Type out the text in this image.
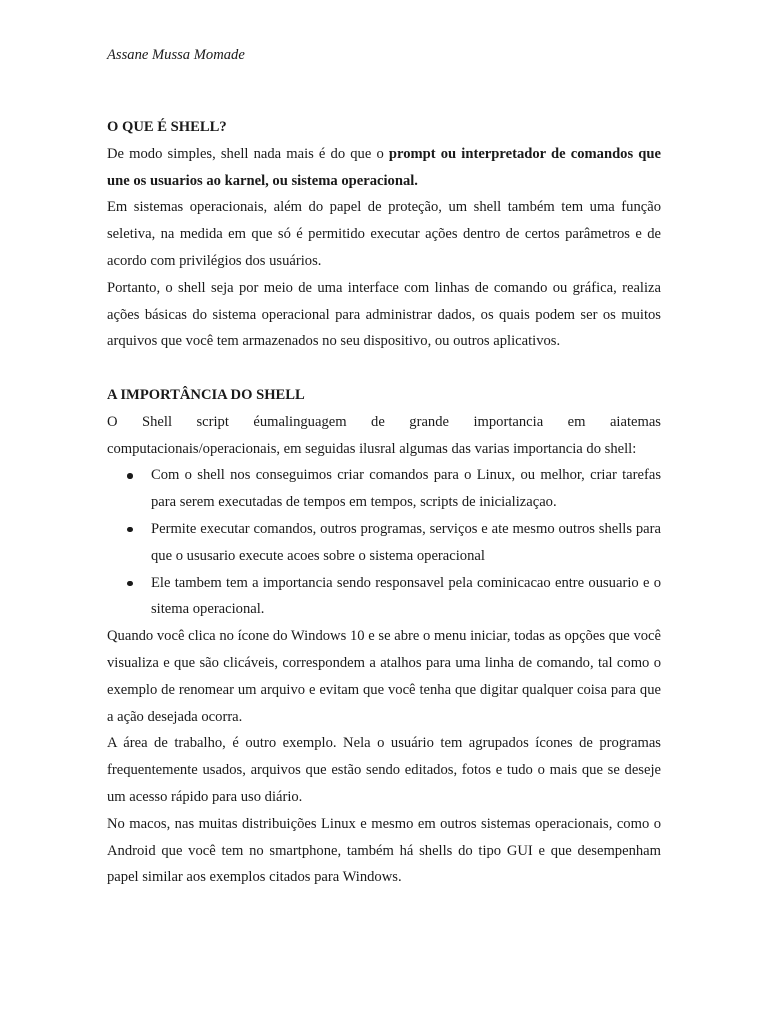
Assane Mussa Momade

O QUE É SHELL?

De modo simples, shell nada mais é do que o prompt ou interpretador de comandos que une os usuarios ao karnel, ou sistema operacional.

Em sistemas operacionais, além do papel de proteção, um shell também tem uma função seletiva, na medida em que só é permitido executar ações dentro de certos parâmetros e de acordo com privilégios dos usuários.

Portanto, o shell seja por meio de uma interface com linhas de comando ou gráfica, realiza ações básicas do sistema operacional para administrar dados, os quais podem ser os muitos arquivos que você tem armazenados no seu dispositivo, ou outros aplicativos.

A IMPORTÂNCIA DO SHELL

O Shell script éumalinguagem de grande importancia em aiatemas

computacionais/operacionais, em seguidas ilusral algumas das varias importancia do shell:

Com o shell nos conseguimos criar comandos para o Linux, ou melhor, criar tarefas para serem executadas de tempos em tempos, scripts de inicializaçao.
Permite executar comandos, outros programas, serviços e ate mesmo outros shells para que o ususario execute acoes sobre o sistema operacional
Ele tambem tem a importancia sendo responsavel pela cominicacao entre ousuario e o sitema operacional.

Quando você clica no ícone do Windows 10 e se abre o menu iniciar, todas as opções que você visualiza e que são clicáveis, correspondem a atalhos para uma linha de comando, tal como o exemplo de renomear um arquivo e evitam que você tenha que digitar qualquer coisa para que a ação desejada ocorra.

A área de trabalho, é outro exemplo. Nela o usuário tem agrupados ícones de programas frequentemente usados, arquivos que estão sendo editados, fotos e tudo o mais que se deseje um acesso rápido para uso diário.

No macos, nas muitas distribuições Linux e mesmo em outros sistemas operacionais, como o Android que você tem no smartphone, também há shells do tipo GUI e que desempenham papel similar aos exemplos citados para Windows.
